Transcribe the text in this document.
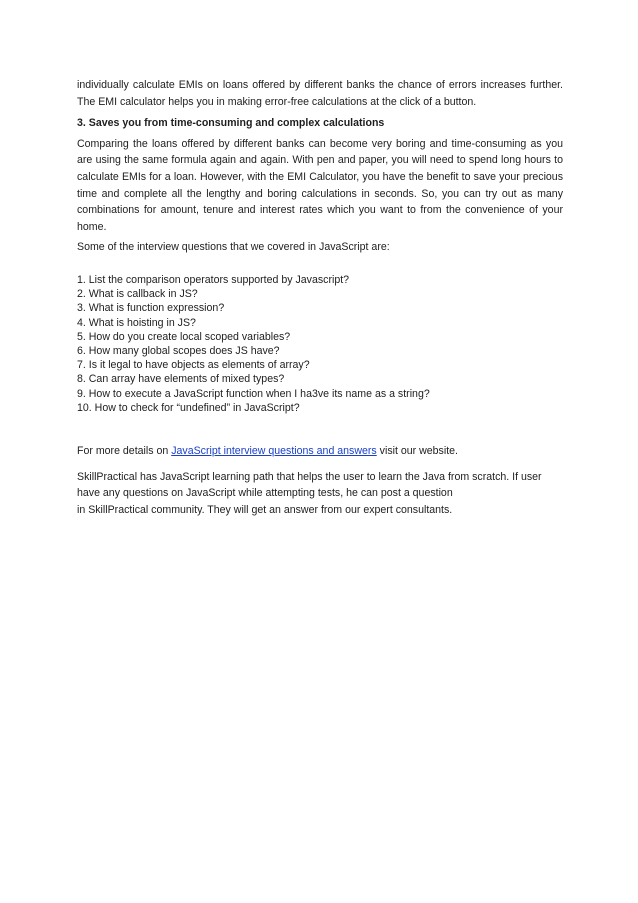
individually calculate EMIs on loans offered by different banks the chance of errors increases further. The EMI calculator helps you in making error-free calculations at the click of a button.

3. Saves you from time-consuming and complex calculations

Comparing the loans offered by different banks can become very boring and time-consuming as you are using the same formula again and again. With pen and paper, you will need to spend long hours to calculate EMIs for a loan. However, with the EMI Calculator, you have the benefit to save your precious time and complete all the lengthy and boring calculations in seconds. So, you can try out as many combinations for amount, tenure and interest rates which you want to from the convenience of your home.

Some of the interview questions that we covered in JavaScript are:

1. List the comparison operators supported by Javascript?
2. What is callback in JS?
3. What is function expression?
4. What is hoisting in JS?
5. How do you create local scoped variables?
6. How many global scopes does JS have?
7. Is it legal to have objects as elements of array?
8. Can array have elements of mixed types?
9. How to execute a JavaScript function when I ha3ve its name as a string?
10. How to check for “undefined” in JavaScript?

For more details on JavaScript interview questions and answers visit our website.

SkillPractical has JavaScript learning path that helps the user to learn the Java from scratch. If user
have any questions on JavaScript while attempting tests, he can post a question
in SkillPractical community. They will get an answer from our expert consultants.
